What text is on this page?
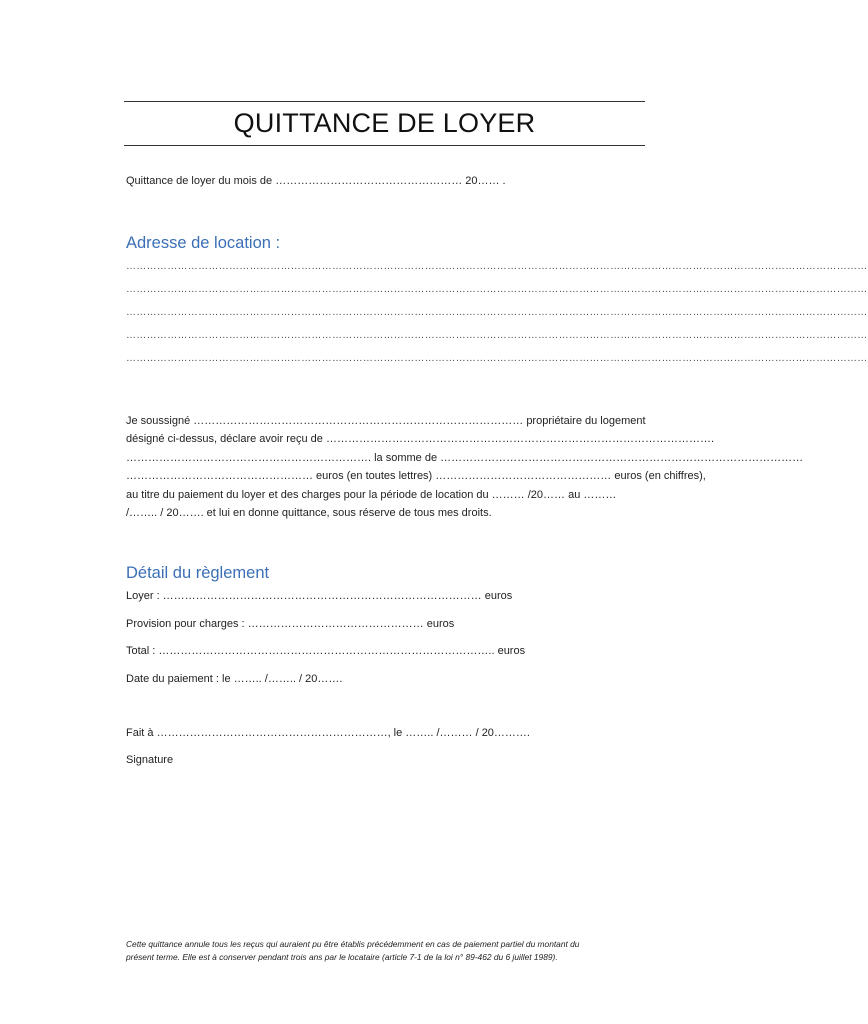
QUITTANCE DE LOYER
Quittance de loyer du mois de …………………………………………… 20…… .
Adresse de location :
………………………………………………………………………………………………………………………………………………………………………………………………
………………………………………………………………………………………………………………………………………………………………………………………………
………………………………………………………………………………………………………………………………………………………………………………………………
………………………………………………………………………………………………………………………………………………………………………………………………
………………………………………………………………………………………………………………………………………………………………………………………………
Je soussigné ……………………………………………………………………………… propriétaire du logement
désigné ci-dessus, déclare avoir reçu de …………………………………………………………………………………………….
…………………………………………………………. la somme de ………………………………………………………………………………………
…………………………………………… euros (en toutes lettres) ………………………………………… euros (en chiffres),
au titre du paiement du loyer et des charges pour la période de location du ……… /20…… au ………
/…….. / 20……. et lui en donne quittance, sous réserve de tous mes droits.
Détail du règlement
Loyer : …………………………………………………………………………… euros
Provision pour charges : ………………………………………… euros
Total : ……………………………………………………………………………….. euros
Date du paiement : le …….. /…….. / 20…….
Fait à ………………………………………………………, le …….. /……… / 20……….
Signature
Cette quittance annule tous les reçus qui auraient pu être établis précédemment en cas de paiement partiel du montant du
présent terme. Elle est à conserver pendant trois ans par le locataire (article 7-1 de la loi n° 89-462 du 6 juillet 1989).
